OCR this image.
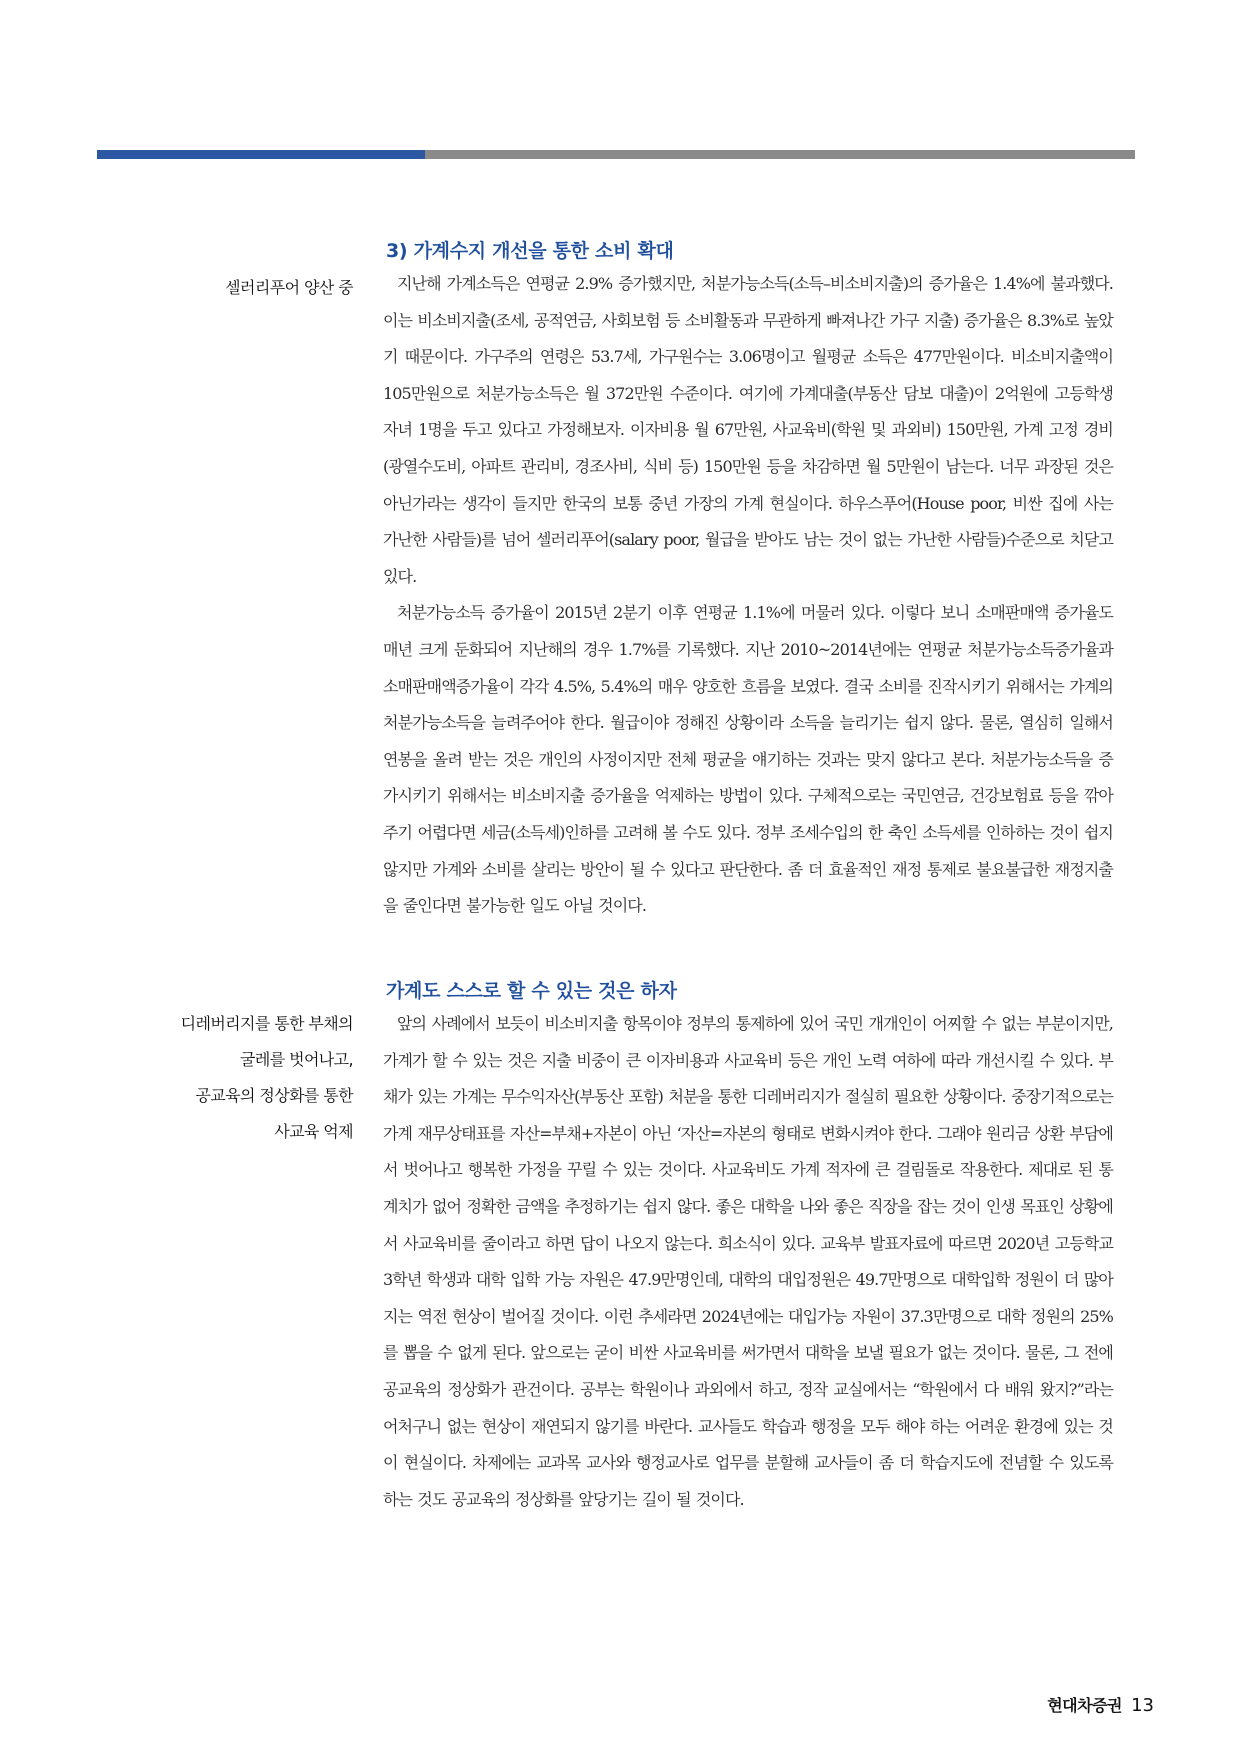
3) 가계수지 개선을 통한 소비 확대
셀러리푸어 양산 중	지난해 가계소득은 연평균 2.9% 증가했지만, 처분가능소득(소득–비소비지출)의 증가율은 1.4%에 불과했다. 이는 비소비지출(조세, 공적연금, 사회보험 등 소비활동과 무관하게 빠져나간 가구 지출) 증가율은 8.3%로 높았기 때문이다. 가구주의 연령은 53.7세, 가구원수는 3.06명이고 월평균 소득은 477만원이다. 비소비지출액이 105만원으로 처분가능소득은 월 372만원 수준이다. 여기에 가계대출(부동산 담보 대출)이 2억원에 고등학생 자녀 1명을 두고 있다고 가정해보자. 이자비용 월 67만원, 사교육비(학원 및 과외비) 150만원, 가계 고정 경비(광열수도비, 아파트 관리비, 경조사비, 식비 등) 150만원 등을 차감하면 월 5만원이 남는다. 너무 과장된 것은 아닌가라는 생각이 들지만 한국의 보통 중년 가장의 가계 현실이다. 하우스푸어(House poor, 비싼 집에 사는 가난한 사람들)를 넘어 셀러리푸어(salary poor, 월급을 받아도 남는 것이 없는 가난한 사람들)수준으로 치닫고 있다.

처분가능소득 증가율이 2015년 2분기 이후 연평균 1.1%에 머물러 있다. 이렇다 보니 소매판매액 증가율도 매년 크게 둔화되어 지난해의 경우 1.7%를 기록했다. 지난 2010~2014년에는 연평균 처분가능소득증가율과 소매판매액증가율이 각각 4.5%, 5.4%의 매우 양호한 흐름을 보였다. 결국 소비를 진작시키기 위해서는 가계의 처분가능소득을 늘려주어야 한다. 월급이야 정해진 상황이라 소득을 늘리기는 쉽지 않다. 물론, 열심히 일해서 연봉을 올려 받는 것은 개인의 사정이지만 전체 평균을 얘기하는 것과는 맞지 않다고 본다. 처분가능소득을 증가시키기 위해서는 비소비지출 증가율을 억제하는 방법이 있다. 구체적으로는 국민연금, 건강보험료 등을 깎아주기 어렵다면 세금(소득세)인하를 고려해 볼 수도 있다. 정부 조세수입의 한 축인 소득세를 인하하는 것이 쉽지 않지만 가계와 소비를 살리는 방안이 될 수 있다고 판단한다. 좀 더 효율적인 재정 통제로 불요불급한 재정지출을 줄인다면 불가능한 일도 아닐 것이다.

가계도 스스로 할 수 있는 것은 하자
디레버리지를 통한 부채의
굴레를 벗어나고,
공교육의 정상화를 통한
사교육 억제

앞의 사례에서 보듯이 비소비지출 항목이야 정부의 통제하에 있어 국민 개개인이 어찌할 수 없는 부분이지만, 가계가 할 수 있는 것은 지출 비중이 큰 이자비용과 사교육비 등은 개인 노력 여하에 따라 개선시킬 수 있다. 부채가 있는 가계는 무수익자산(부동산 포함) 처분을 통한 디레버리지가 절실히 필요한 상황이다. 중장기적으로는 가계 재무상태표를 자산=부채+자본이 아닌 ‘자산=자본의 형태로 변화시켜야 한다. 그래야 원리금 상환 부담에서 벗어나고 행복한 가정을 꾸릴 수 있는 것이다. 사교육비도 가계 적자에 큰 걸림돌로 작용한다. 제대로 된 통계치가 없어 정확한 금액을 추정하기는 쉽지 않다. 좋은 대학을 나와 좋은 직장을 잡는 것이 인생 목표인 상황에서 사교육비를 줄이라고 하면 답이 나오지 않는다. 희소식이 있다. 교육부 발표자료에 따르면 2020년 고등학교 3학년 학생과 대학 입학 가능 자원은 47.9만명인데, 대학의 대입정원은 49.7만명으로 대학입학 정원이 더 많아지는 역전 현상이 벌어질 것이다. 이런 추세라면 2024년에는 대입가능 자원이 37.3만명으로 대학 정원의 25%를 뽑을 수 없게 된다. 앞으로는 굳이 비싼 사교육비를 써가면서 대학을 보낼 필요가 없는 것이다. 물론, 그 전에 공교육의 정상화가 관건이다. 공부는 학원이나 과외에서 하고, 정작 교실에서는 “학원에서 다 배워 왔지?”라는 어처구니 없는 현상이 재연되지 않기를 바란다. 교사들도 학습과 행정을 모두 해야 하는 어려운 환경에 있는 것이 현실이다. 차제에는 교과목 교사와 행정교사로 업무를 분할해 교사들이 좀 더 학습지도에 전념할 수 있도록 하는 것도 공교육의 정상화를 앞당기는 길이 될 것이다.

현대차증권 13
